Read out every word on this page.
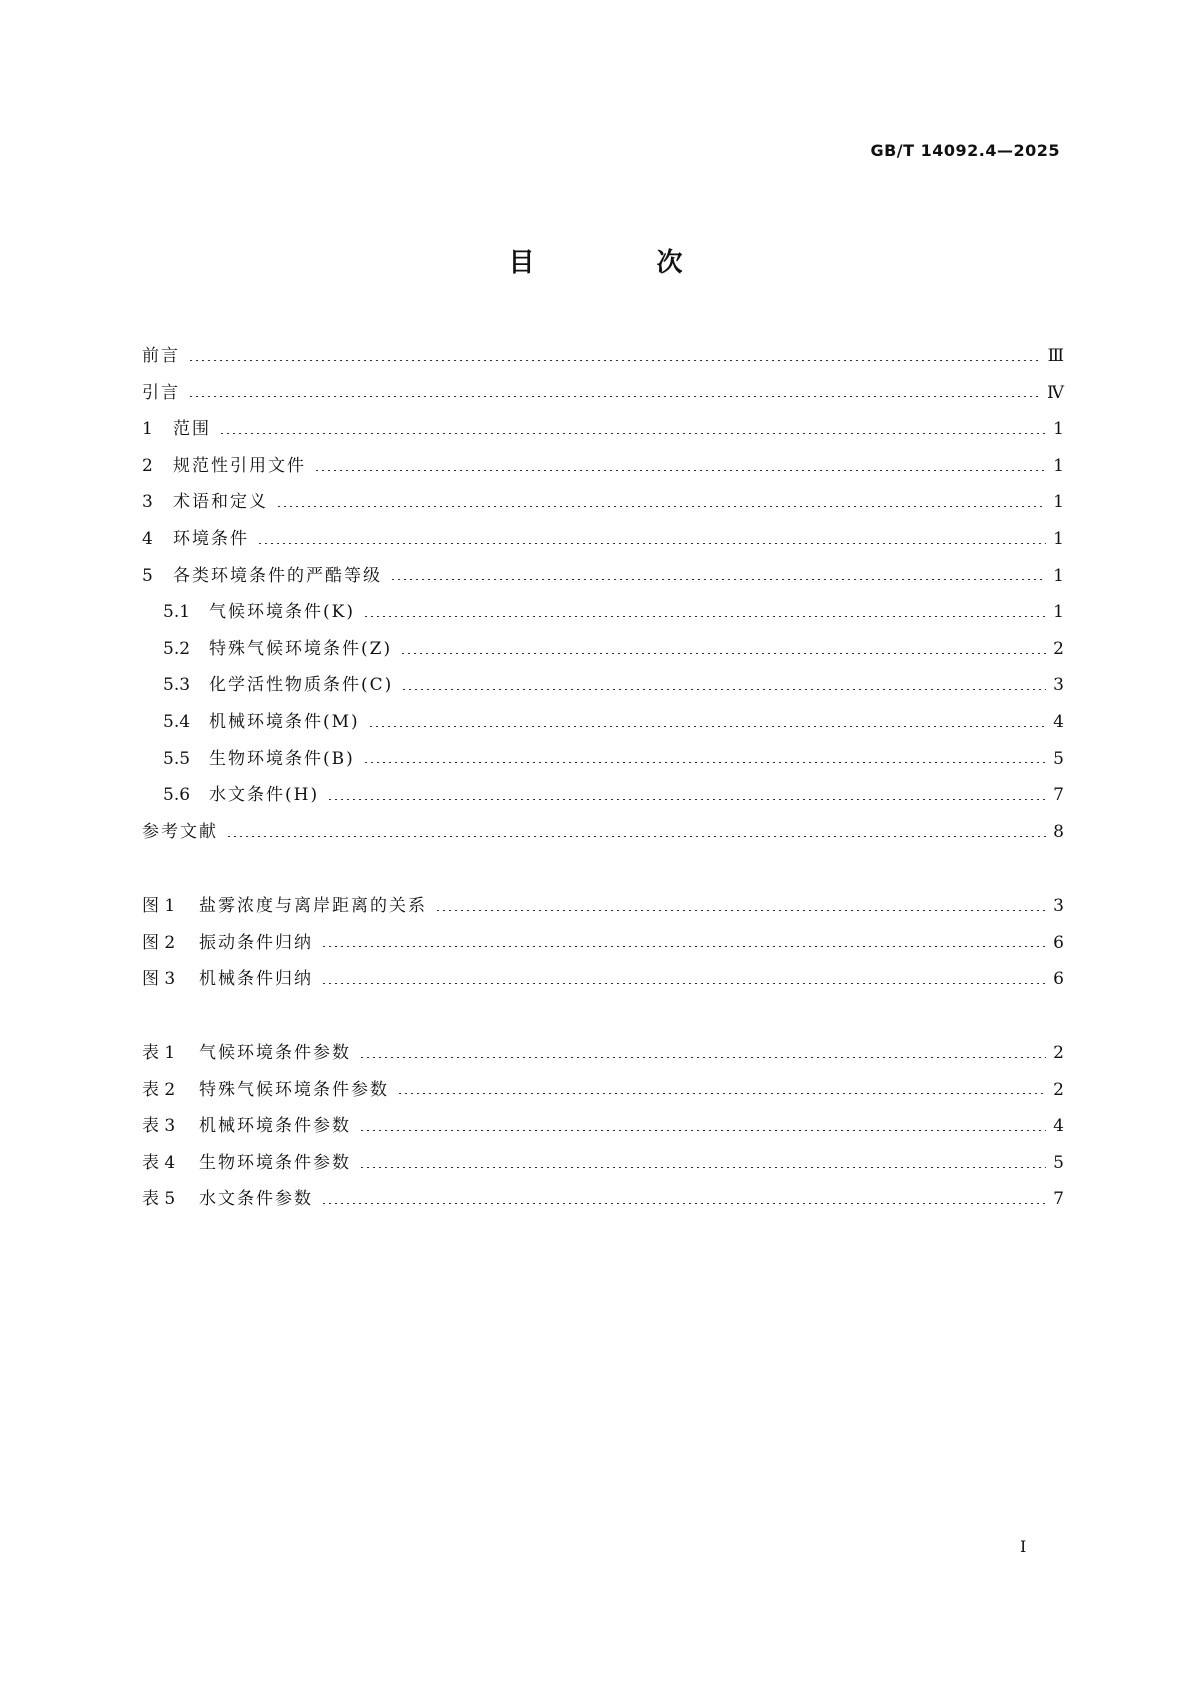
GB/T 14092.4—2025
目　次
前言	Ⅲ
引言	Ⅳ
1	范围	1
2	规范性引用文件	1
3	术语和定义	1
4	环境条件	1
5	各类环境条件的严酷等级	1
5.1	气候环境条件(K)	1
5.2	特殊气候环境条件(Z)	2
5.3	化学活性物质条件(C)	3
5.4	机械环境条件(M)	4
5.5	生物环境条件(B)	5
5.6	水文条件(H)	7
参考文献	8
图 1	盐雾浓度与离岸距离的关系	3
图 2	振动条件归纳	6
图 3	机械条件归纳	6
表 1	气候环境条件参数	2
表 2	特殊气候环境条件参数	2
表 3	机械环境条件参数	4
表 4	生物环境条件参数	5
表 5	水文条件参数	7
I
